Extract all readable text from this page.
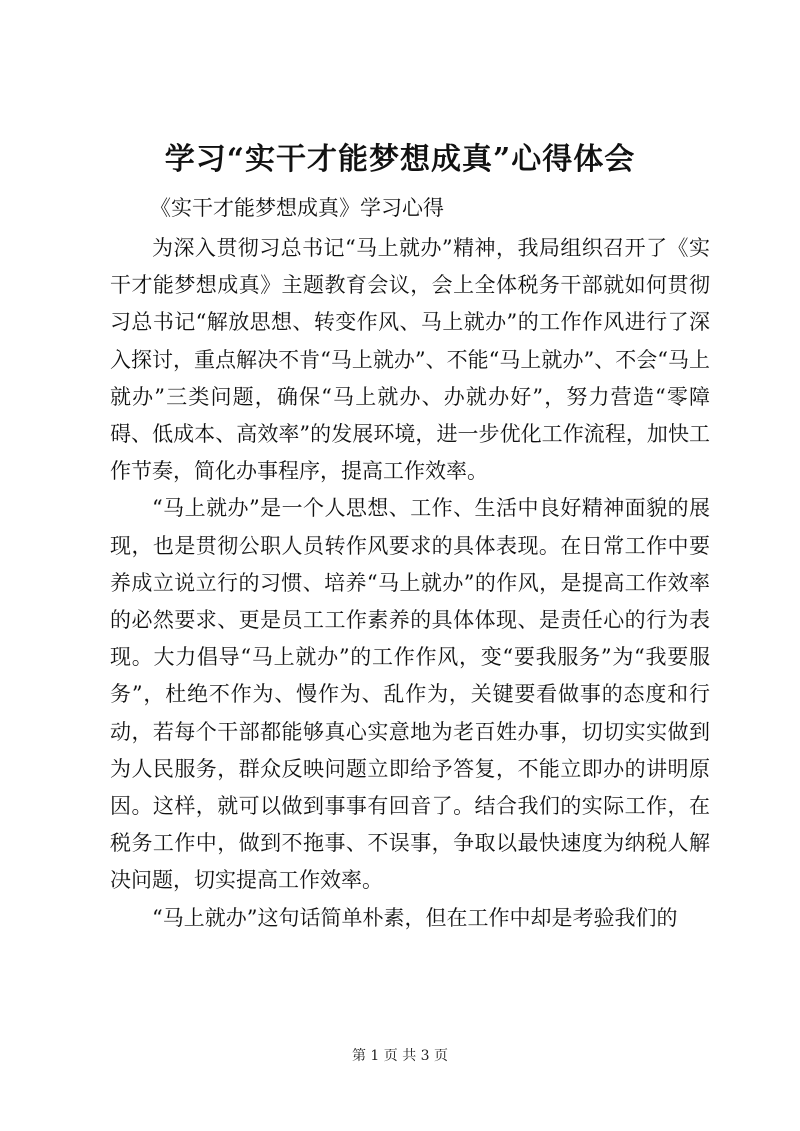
学习“实干才能梦想成真”心得体会

《实干才能梦想成真》学习心得

为深入贯彻习总书记“马上就办”精神，我局组织召开了《实干才能梦想成真》主题教育会议，会上全体税务干部就如何贯彻习总书记“解放思想、转变作风、马上就办”的工作作风进行了深入探讨，重点解决不肯“马上就办”、不能“马上就办”、不会“马上就办”三类问题，确保“马上就办、办就办好”，努力营造“零障碍、低成本、高效率”的发展环境，进一步优化工作流程，加快工作节奏，简化办事程序，提高工作效率。

“马上就办”是一个人思想、工作、生活中良好精神面貌的展现，也是贯彻公职人员转作风要求的具体表现。在日常工作中要养成立说立行的习惯、培养“马上就办”的作风，是提高工作效率的必然要求、更是员工工作素养的具体体现、是责任心的行为表现。大力倡导“马上就办”的工作作风，变“要我服务”为“我要服务”，杜绝不作为、慢作为、乱作为，关键要看做事的态度和行动，若每个干部都能够真心实意地为老百姓办事，切切实实做到为人民服务，群众反映问题立即给予答复，不能立即办的讲明原因。这样，就可以做到事事有回音了。结合我们的实际工作，在税务工作中，做到不拖事、不误事，争取以最快速度为纳税人解决问题，切实提高工作效率。

“马上就办”这句话简单朴素，但在工作中却是考验我们的

第 1 页 共 3 页
